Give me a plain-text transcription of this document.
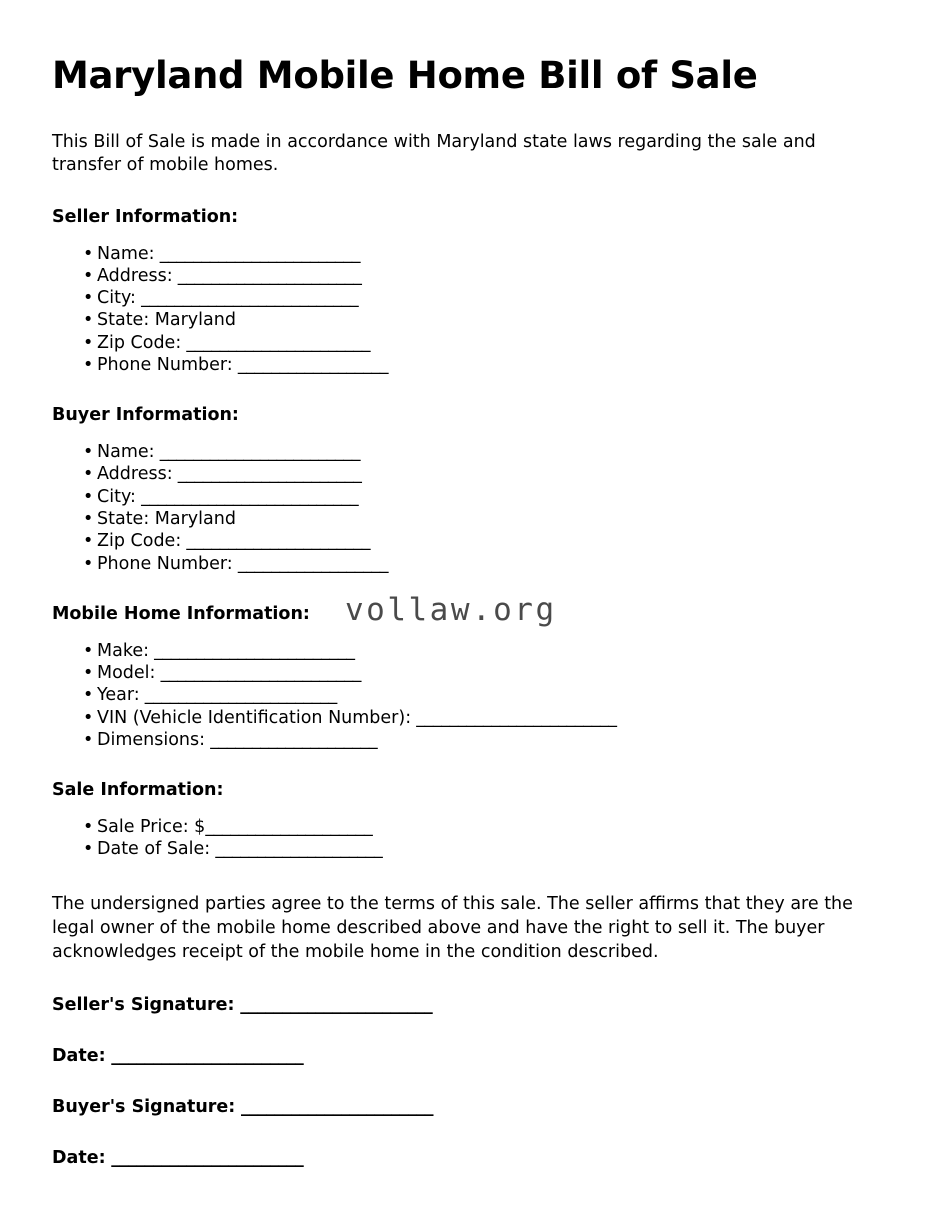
Maryland Mobile Home Bill of Sale

This Bill of Sale is made in accordance with Maryland state laws regarding the sale and transfer of mobile homes.

Seller Information:
• Name: ________________________
• Address: ______________________
• City: __________________________
• State: Maryland
• Zip Code: ______________________
• Phone Number: __________________
Buyer Information:
• Name: ________________________
• Address: ______________________
• City: __________________________
• State: Maryland
• Zip Code: ______________________
• Phone Number: __________________
Mobile Home Information:
• Make: ________________________
• Model: ________________________
• Year: _______________________
• VIN (Vehicle Identification Number): ________________________
• Dimensions: ____________________
Sale Information:
• Sale Price: $____________________
• Date of Sale: ____________________

The undersigned parties agree to the terms of this sale. The seller affirms that they are the legal owner of the mobile home described above and have the right to sell it. The buyer acknowledges receipt of the mobile home in the condition described.

Seller's Signature: _______________________
Date: _______________________
Buyer's Signature: _______________________
Date: _______________________
vollaw.org
